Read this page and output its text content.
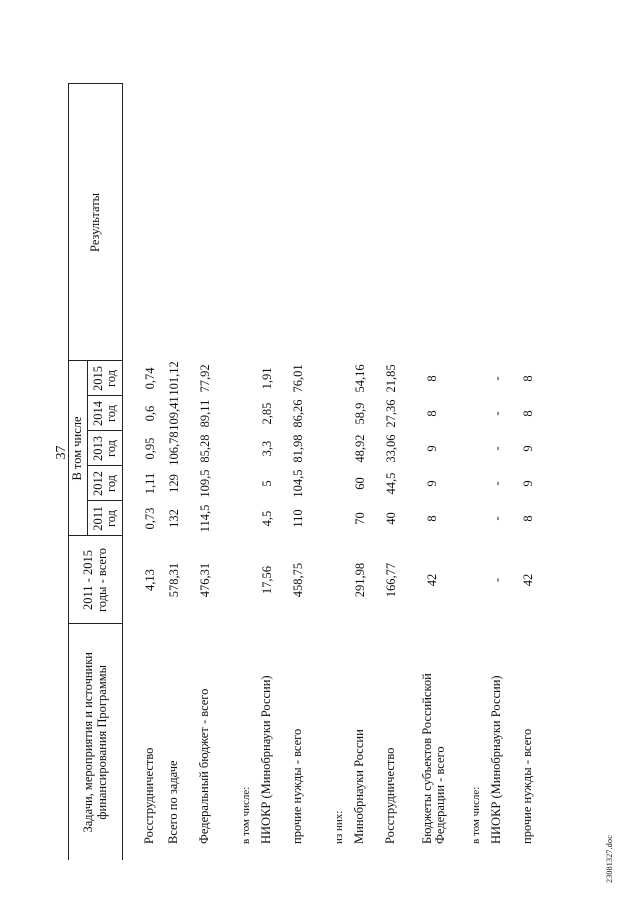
37
Задачи, мероприятия и источники финансирования Программы	2011 - 2015 годы - всего	В том числе					Результаты
		2011 год	2012 год	2013 год	2014 год	2015 год	
Росструдничество	4,13	0,73	1,11	0,95	0,6	0,74	
Всего по задаче	578,31	132	129	106,78	109,41	101,12	
Федеральный бюджет - всего	476,31	114,5	109,5	85,28	89,11	77,92	
в том числе:							
НИОКР (Минобрнауки России)	17,56	4,5	5	3,3	2,85	1,91	
прочие нужды - всего	458,75	110	104,5	81,98	86,26	76,01	
из них:							
Минобрнауки России	291,98	70	60	48,92	58,9	54,16	
Росструдничество	166,77	40	44,5	33,06	27,36	21,85	
Бюджеты субъектов Российской Федерации - всего	42	8	9	9	8	8	
в том числе:							
НИОКР (Минобрнауки России)	-	-	-	-	-	-	
прочие нужды - всего	42	8	9	9	8	8	
23081327.doc
